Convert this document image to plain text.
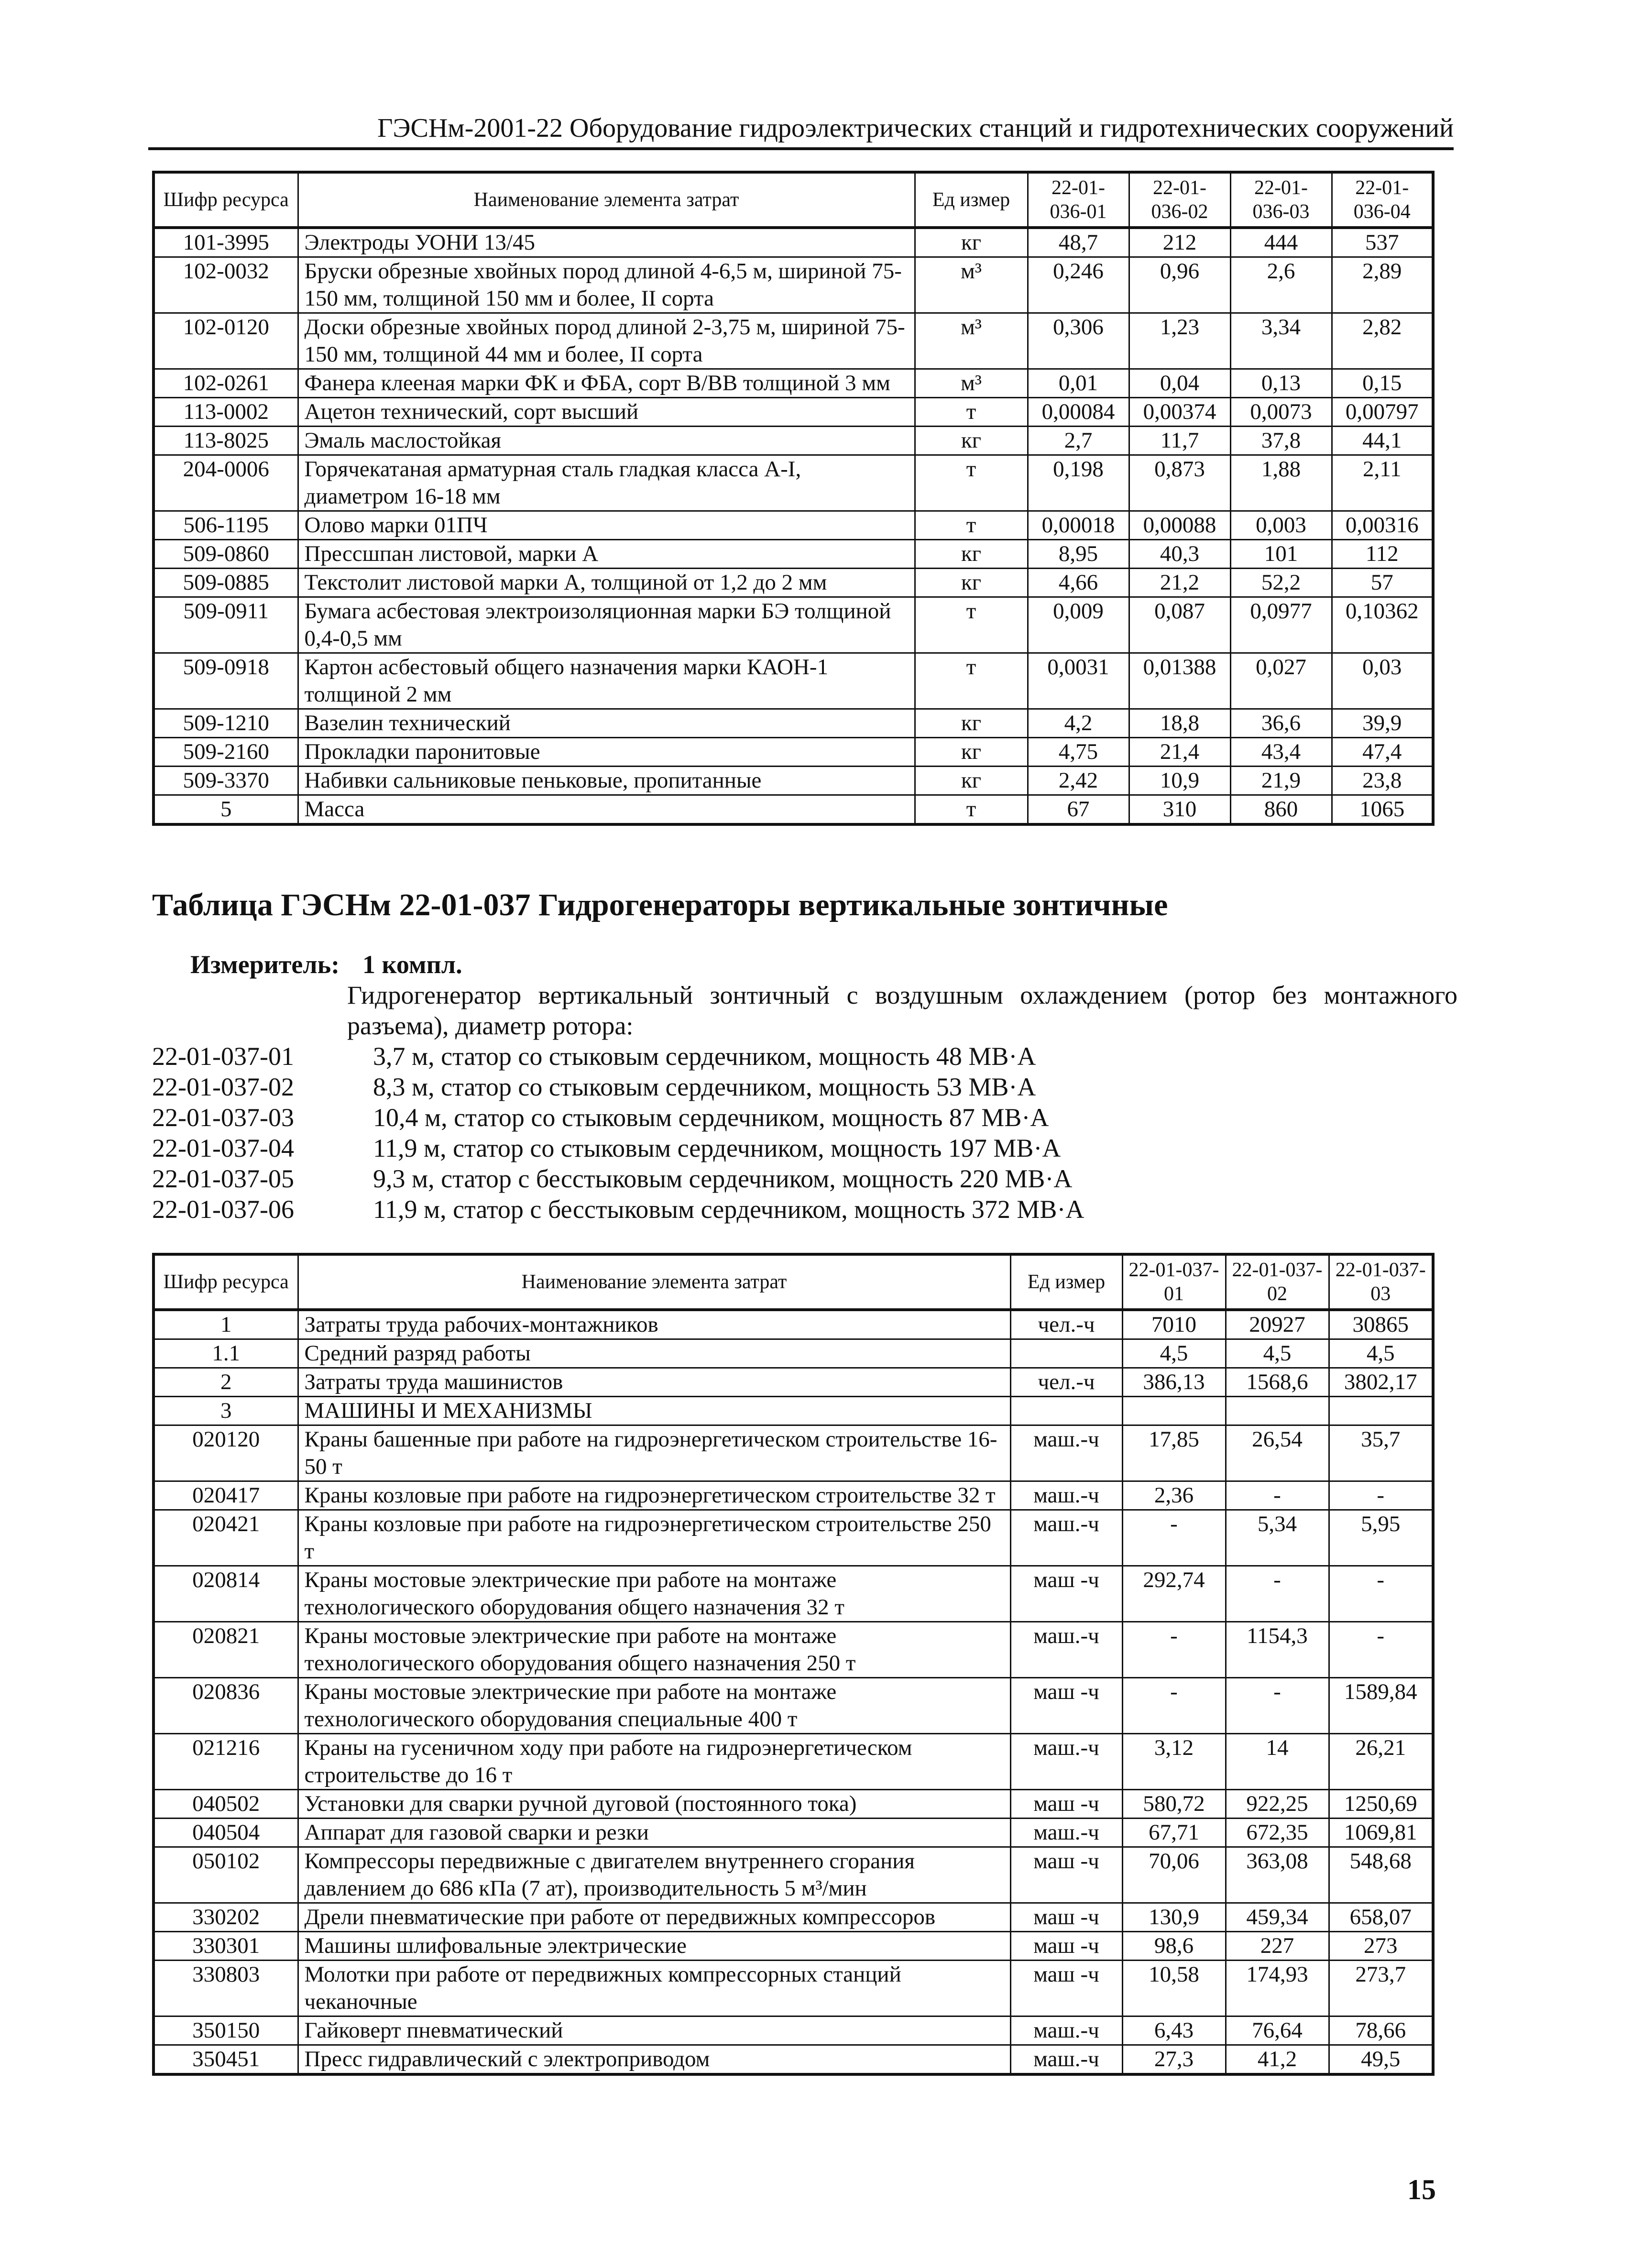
ГЭСНм-2001-22 Оборудование гидроэлектрических станций и гидротехнических сооружений
Шифр ресурса	Наименование элемента затрат	Ед измер	22-01-036-01	22-01-036-02	22-01-036-03	22-01-036-04
101-3995	Электроды УОНИ 13/45	кг	48,7	212	444	537
102-0032	Бруски обрезные хвойных пород длиной 4-6,5 м, шириной 75-150 мм, толщиной 150 мм и более, II сорта	м³	0,246	0,96	2,6	2,89
102-0120	Доски обрезные хвойных пород длиной 2-3,75 м, шириной 75-150 мм, толщиной 44 мм и более, II сорта	м³	0,306	1,23	3,34	2,82
102-0261	Фанера клееная марки ФК и ФБА, сорт В/ВВ толщиной 3 мм	м³	0,01	0,04	0,13	0,15
113-0002	Ацетон технический, сорт высший	т	0,00084	0,00374	0,0073	0,00797
113-8025	Эмаль маслостойкая	кг	2,7	11,7	37,8	44,1
204-0006	Горячекатаная арматурная сталь гладкая класса А-I, диаметром 16-18 мм	т	0,198	0,873	1,88	2,11
506-1195	Олово марки 01ПЧ	т	0,00018	0,00088	0,003	0,00316
509-0860	Прессшпан листовой, марки А	кг	8,95	40,3	101	112
509-0885	Текстолит листовой марки А, толщиной от 1,2 до 2 мм	кг	4,66	21,2	52,2	57
509-0911	Бумага асбестовая электроизоляционная марки БЭ толщиной 0,4-0,5 мм	т	0,009	0,087	0,0977	0,10362
509-0918	Картон асбестовый общего назначения марки КАОН-1 толщиной 2 мм	т	0,0031	0,01388	0,027	0,03
509-1210	Вазелин технический	кг	4,2	18,8	36,6	39,9
509-2160	Прокладки паронитовые	кг	4,75	21,4	43,4	47,4
509-3370	Набивки сальниковые пеньковые, пропитанные	кг	2,42	10,9	21,9	23,8
5	Масса	т	67	310	860	1065
Таблица ГЭСНм 22-01-037 Гидрогенераторы вертикальные зонтичные
Измеритель: 1 компл.
Гидрогенератор вертикальный зонтичный с воздушным охлаждением (ротор без монтажного разъема), диаметр ротора:
22-01-037-01	3,7 м, статор со стыковым сердечником, мощность 48 МВ·А
22-01-037-02	8,3 м, статор со стыковым сердечником, мощность 53 МВ·А
22-01-037-03	10,4 м, статор со стыковым сердечником, мощность 87 МВ·А
22-01-037-04	11,9 м, статор со стыковым сердечником, мощность 197 МВ·А
22-01-037-05	9,3 м, статор с бесстыковым сердечником, мощность 220 МВ·А
22-01-037-06	11,9 м, статор с бесстыковым сердечником, мощность 372 МВ·А
Шифр ресурса	Наименование элемента затрат	Ед измер	22-01-037-01	22-01-037-02	22-01-037-03
1	Затраты труда рабочих-монтажников	чел.-ч	7010	20927	30865
1.1	Средний разряд работы		4,5	4,5	4,5
2	Затраты труда машинистов	чел.-ч	386,13	1568,6	3802,17
3	МАШИНЫ И МЕХАНИЗМЫ				
020120	Краны башенные при работе на гидроэнергетическом строительстве 16-50 т	маш.-ч	17,85	26,54	35,7
020417	Краны козловые при работе на гидроэнергетическом строительстве 32 т	маш.-ч	2,36	-	-
020421	Краны козловые при работе на гидроэнергетическом строительстве 250 т	маш.-ч	-	5,34	5,95
020814	Краны мостовые электрические при работе на монтаже технологического оборудования общего назначения 32 т	маш -ч	292,74	-	-
020821	Краны мостовые электрические при работе на монтаже технологического оборудования общего назначения 250 т	маш.-ч	-	1154,3	-
020836	Краны мостовые электрические при работе на монтаже технологического оборудования специальные 400 т	маш -ч	-	-	1589,84
021216	Краны на гусеничном ходу при работе на гидроэнергетическом строительстве до 16 т	маш.-ч	3,12	14	26,21
040502	Установки для сварки ручной дуговой (постоянного тока)	маш -ч	580,72	922,25	1250,69
040504	Аппарат для газовой сварки и резки	маш.-ч	67,71	672,35	1069,81
050102	Компрессоры передвижные с двигателем внутреннего сгорания давлением до 686 кПа (7 ат), производительность 5 м³/мин	маш -ч	70,06	363,08	548,68
330202	Дрели пневматические при работе от передвижных компрессоров	маш -ч	130,9	459,34	658,07
330301	Машины шлифовальные электрические	маш -ч	98,6	227	273
330803	Молотки при работе от передвижных компрессорных станций чеканочные	маш -ч	10,58	174,93	273,7
350150	Гайковерт пневматический	маш.-ч	6,43	76,64	78,66
350451	Пресс гидравлический с электроприводом	маш.-ч	27,3	41,2	49,5
15
